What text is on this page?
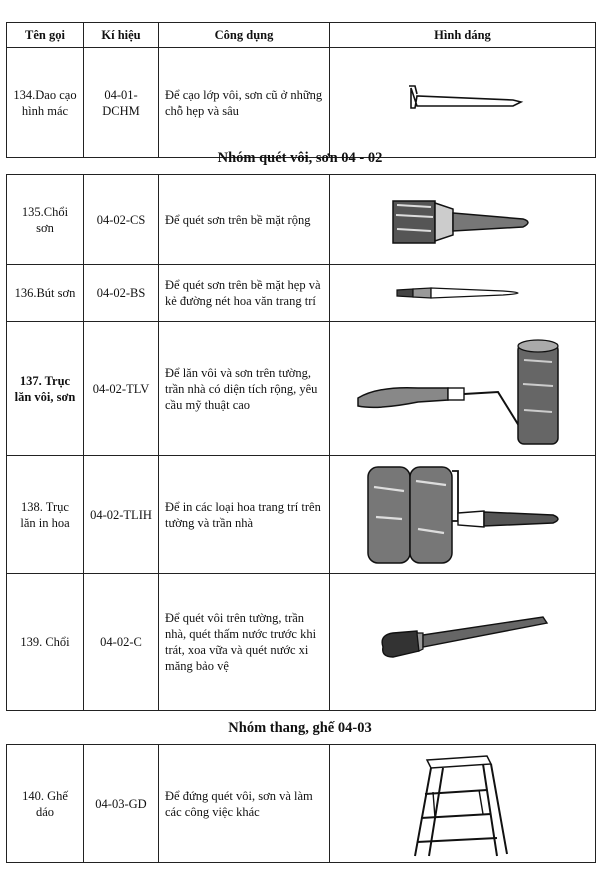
Tên gọi	Kí hiệu	Công dụng	Hình dáng
134.Dao cạo hình mác	04-01-DCHM	Để cạo lớp vôi, sơn cũ ở những chỗ hẹp và sâu	
Nhóm quét vôi, sơn 04 - 02
135.Chổi sơn	04-02-CS	Để quét sơn trên bề mặt rộng	

136.Bút sơn	04-02-BS	Để quét sơn trên bề mặt hẹp và kẻ đường nét hoa văn trang trí	

137. Trục lăn vôi, sơn	04-02-TLV	Để lăn vôi và sơn trên tường, trần nhà có diện tích rộng, yêu cầu mỹ thuật cao	

138. Trục lăn in hoa	04-02-TLIH	Để in các loại hoa trang trí trên tường và trần nhà	

139. Chổi	04-02-C	Để quét vôi trên tường, trần nhà, quét thấm nước trước khi trát, xoa vữa và quét nước xi măng bảo vệ	
Nhóm thang, ghế 04-03
140. Ghế dáo	04-03-GD	Để đứng quét vôi, sơn và làm các công việc khác	
